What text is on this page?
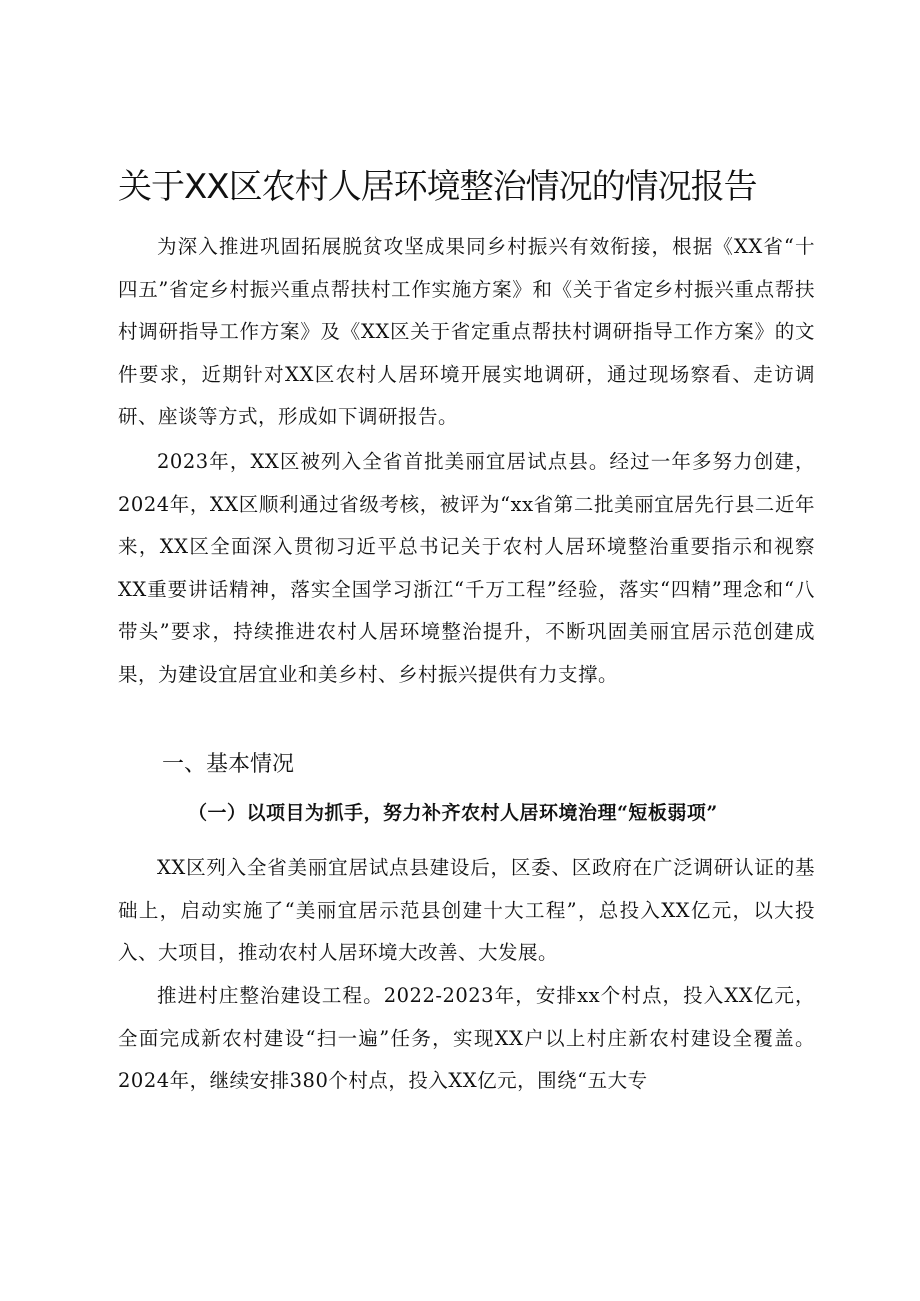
关于XX区农村人居环境整治情况的情况报告
为深入推进巩固拓展脱贫攻坚成果同乡村振兴有效衔接，根据《XX省“十四五”省定乡村振兴重点帮扶村工作实施方案》和《关于省定乡村振兴重点帮扶村调研指导工作方案》及《XX区关于省定重点帮扶村调研指导工作方案》的文件要求，近期针对XX区农村人居环境开展实地调研，通过现场察看、走访调研、座谈等方式，形成如下调研报告。
2023年，XX区被列入全省首批美丽宜居试点县。经过一年多努力创建，2024年，XX区顺利通过省级考核，被评为“xx省第二批美丽宜居先行县二近年来，XX区全面深入贯彻习近平总书记关于农村人居环境整治重要指示和视察XX重要讲话精神，落实全国学习浙江“千万工程”经验，落实“四精”理念和“八带头”要求，持续推进农村人居环境整治提升，不断巩固美丽宜居示范创建成果，为建设宜居宜业和美乡村、乡村振兴提供有力支撑。
一、基本情况
（一）以项目为抓手，努力补齐农村人居环境治理“短板弱项”
XX区列入全省美丽宜居试点县建设后，区委、区政府在广泛调研认证的基础上，启动实施了“美丽宜居示范县创建十大工程”，总投入XX亿元，以大投入、大项目，推动农村人居环境大改善、大发展。
推进村庄整治建设工程。2022-2023年，安排xx个村点，投入XX亿元，全面完成新农村建设“扫一遍”任务，实现XX户以上村庄新农村建设全覆盖。2024年，继续安排380个村点，投入XX亿元，围绕“五大专
